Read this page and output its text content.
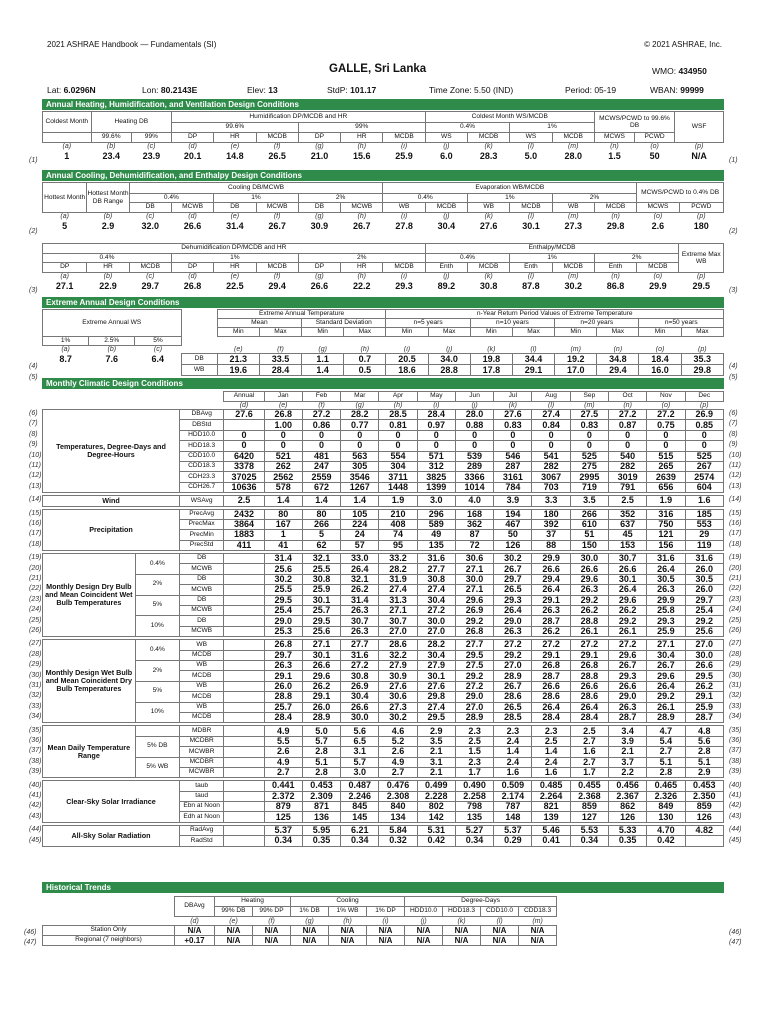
2021 ASHRAE Handbook — Fundamentals (SI)	© 2021 ASHRAE, Inc.
Lat: 6.0296N	Lon: 80.2143E	Elev: 13
GALLE, Sri Lanka
StdP: 101.17	Time Zone: 5.50 (IND)	Period: 05-19
WMO: 434950
WBAN: 99999
Annual Heating, Humidification, and Ventilation Design Conditions
Coldest Month	Heating DB		Humidification DP/MCDB and HR						Coldest Month WS/MCDB				MCWS/PCWD to 99.6% DB		WSF
			99.6%			99%			0.4%		1%				
	99.6%	99%	DP	HR	MCDB	DP	HR	MCDB	WS	MCDB	WS	MCDB	MCWS	PCWD	
(a)	(b)	(c)	(d)	(e)	(f)	(g)	(h)	(i)	(j)	(k)	(l)	(m)	(n)	(o)	(p)
1	23.4	23.9	20.1	14.8	26.5	21.0	15.6	25.9	6.0	28.3	5.0	28.0	1.5	50	N/A
(1)	(1)
Annual Cooling, Dehumidification, and Enthalpy Design Conditions
Hottest Month	Hottest Month DB Range	Cooling DB/MCWB						Evaporation WB/MCDB						MCWS/PCWD to 0.4% DB	
		0.4%		1%		2%		0.4%		1%		2%			
		DB	MCWB	DB	MCWB	DB	MCWB	WB	MCDB	WB	MCDB	WB	MCDB	MCWS	PCWD
(a)	(b)	(c)	(d)	(e)	(f)	(g)	(h)	(i)	(j)	(k)	(l)	(m)	(n)	(o)	(p)
5	2.9	32.0	26.6	31.4	26.7	30.9	26.7	27.8	30.4	27.6	30.1	27.3	29.8	2.6	180
(2)	(2)
Dehumidification DP/MCDB and HR									Enthalpy/MCDB						Extreme Max WB
0.4%			1%			2%			0.4%		1%		2%		
DP	HR	MCDB	DP	HR	MCDB	DP	HR	MCDB	Enth	MCDB	Enth	MCDB	Enth	MCDB	
(a)	(b)	(c)	(d)	(e)	(f)	(g)	(h)	(i)	(j)	(k)	(l)	(m)	(n)	(o)	(p)
27.1	22.9	29.7	26.8	22.5	29.4	26.6	22.2	29.3	89.2	30.8	87.8	30.2	86.8	29.9	29.5
(3)	(3)
Extreme Annual Design Conditions
Extreme Annual WS				Extreme Annual Temperature				n-Year Return Period Values of Extreme Temperature							
				Mean		Standard Deviation		n=5 years		n=10 years		n=20 years		n=50 years	
				Min	Max	Min	Max	Min	Max	Min	Max	Min	Max	Min	Max
1%	2.5%	5%													
(a)	(b)	(c)		(e)	(f)	(g)	(h)	(i)	(j)	(k)	(l)	(m)	(n)	(o)	(p)
8.7	7.6	6.4	DB	21.3	33.5	1.1	0.7	20.5	34.0	19.8	34.4	19.2	34.8	18.4	35.3
			WB	19.6	28.4	1.4	0.5	18.6	28.8	17.8	29.1	17.0	29.4	16.0	29.8
(4)	(4)
(5)	(5)
Monthly Climatic Design Conditions
			Annual	Jan	Feb	Mar	Apr	May	Jun	Jul	Aug	Sep	Oct	Nov	Dec
			(d)	(e)	(f)	(g)	(h)	(i)	(j)	(k)	(l)	(m)	(n)	(o)	(p)
Temperatures, Degree-Days and Degree-Hours		DBAvg	27.6	26.8	27.2	28.2	28.5	28.4	28.0	27.6	27.4	27.5	27.2	27.2	26.9
		DBStd		1.00	0.86	0.77	0.81	0.97	0.88	0.83	0.84	0.83	0.87	0.75	0.85
		HDD10.0	0	0	0	0	0	0	0	0	0	0	0	0	0
		HDD18.3	0	0	0	0	0	0	0	0	0	0	0	0	0
		CDD10.0	6420	521	481	563	554	571	539	546	541	525	540	515	525
		CDD18.3	3378	262	247	305	304	312	289	287	282	275	282	265	267
		CDH23.3	37025	2562	2559	3546	3711	3825	3366	3161	3067	2995	3019	2639	2574
		CDH26.7	10636	578	672	1267	1448	1399	1014	784	703	719	791	656	604

Wind		WSAvg	2.5	1.4	1.4	1.4	1.9	3.0	4.0	3.9	3.3	3.5	2.5	1.9	1.6

Precipitation		PrecAvg	2432	80	80	105	210	296	168	194	180	266	352	316	185
		PrecMax	3864	167	266	224	408	589	362	467	392	610	637	750	553
		PrecMin	1883	1	5	24	74	49	87	50	37	51	45	121	29
		PrecStd	411	41	62	57	95	135	72	126	88	150	153	156	119

Monthly Design Dry Bulb and Mean Coincident Wet Bulb Temperatures	0.4%	DB		31.4	32.1	33.0	33.2	31.6	30.6	30.2	29.9	30.0	30.7	31.6	31.6
		MCWB		25.6	25.5	26.4	28.2	27.7	27.1	26.7	26.6	26.6	26.6	26.4	26.0
	2%	DB		30.2	30.8	32.1	31.9	30.8	30.0	29.7	29.4	29.6	30.1	30.5	30.5
		MCWB		25.5	25.9	26.2	27.4	27.4	27.1	26.5	26.4	26.3	26.4	26.3	26.0
	5%	DB		29.5	30.1	31.4	31.3	30.4	29.6	29.3	29.1	29.2	29.6	29.9	29.7
		MCWB		25.4	25.7	26.3	27.1	27.2	26.9	26.4	26.3	26.2	26.2	25.8	25.4
	10%	DB		29.0	29.5	30.7	30.7	30.0	29.2	29.0	28.7	28.8	29.2	29.3	29.2
		MCWB		25.3	25.6	26.3	27.0	27.0	26.8	26.3	26.2	26.1	26.1	25.9	25.6

Monthly Design Wet Bulb and Mean Coincident Dry Bulb Temperatures	0.4%	WB		26.8	27.1	27.7	28.6	28.2	27.7	27.2	27.2	27.2	27.2	27.1	27.0
		MCDB		29.7	30.1	31.6	32.2	30.4	29.5	29.2	29.1	29.1	29.6	30.4	30.0
	2%	WB		26.3	26.6	27.2	27.9	27.9	27.5	27.0	26.8	26.8	26.7	26.7	26.6
		MCDB		29.1	29.6	30.8	30.9	30.1	29.2	28.9	28.7	28.8	29.3	29.6	29.5
	5%	WB		26.0	26.2	26.9	27.6	27.6	27.2	26.7	26.6	26.6	26.6	26.4	26.2
		MCDB		28.8	29.1	30.4	30.6	29.8	29.0	28.6	28.6	28.6	29.0	29.2	29.1
	10%	WB		25.7	26.0	26.6	27.3	27.4	27.0	26.5	26.4	26.4	26.3	26.1	25.9
		MCDB		28.4	28.9	30.0	30.2	29.5	28.9	28.5	28.4	28.4	28.7	28.9	28.7

Mean Daily Temperature Range		MDBR		4.9	5.0	5.6	4.6	2.9	2.3	2.3	2.3	2.5	3.4	4.7	4.8
	5% DB	MCDBR		5.5	5.7	6.5	5.2	3.5	2.5	2.4	2.5	2.7	3.9	5.4	5.6
		MCWBR		2.6	2.8	3.1	2.6	2.1	1.5	1.4	1.4	1.6	2.1	2.7	2.8
	5% WB	MCDBR		4.9	5.1	5.7	4.9	3.1	2.3	2.4	2.4	2.7	3.7	5.1	5.1
		MCWBR		2.7	2.8	3.0	2.7	2.1	1.7	1.6	1.6	1.7	2.2	2.8	2.9

Clear-Sky Solar Irradiance		taub		0.441	0.453	0.487	0.476	0.499	0.490	0.509	0.485	0.455	0.456	0.465	0.453
		taud		2.372	2.309	2.246	2.308	2.228	2.258	2.174	2.264	2.368	2.367	2.326	2.350
		Ebn at Noon		879	871	845	840	802	798	787	821	859	862	849	859
		Edh at Noon		125	136	145	134	142	135	148	139	127	126	130	126

All-Sky Solar Radiation		RadAvg		5.37	5.95	6.21	5.84	5.31	5.27	5.37	5.46	5.53	5.33	4.70	4.82
		RadStd		0.34	0.35	0.34	0.32	0.42	0.34	0.29	0.41	0.34	0.35	0.42	
(6)	(6)
(7)	(7)
(8)	(8)
(9)	(9)
(10)	(10)
(11)	(11)
(12)	(12)
(13)	(13)
(14)	(14)
(15)	(15)
(16)	(16)
(17)	(17)
(18)	(18)
(19)	(19)
(20)	(20)
(21)	(21)
(22)	(22)
(23)	(23)
(24)	(24)
(25)	(25)
(26)	(26)
(27)	(27)
(28)	(28)
(29)	(29)
(30)	(30)
(31)	(31)
(32)	(32)
(33)	(33)
(34)	(34)
(35)	(35)
(36)	(36)
(37)	(37)
(38)	(38)
(39)	(39)
(40)	(40)
(41)	(41)
(42)	(42)
(43)	(43)
(44)	(44)
(45)	(45)
Historical Trends
	DBAvg	Heating		Cooling			Degree-Days				
		99% DB	99% DP	1% DB	1% WB	1% DP	HDD10.0	HDD18.3	CDD10.0	CDD18.3	
	(d)	(e)	(f)	(g)	(h)	(i)	(j)	(k)	(l)	(m)	
Station Only	N/A	N/A	N/A	N/A	N/A	N/A	N/A	N/A	N/A	N/A	
Regional (7 neighbors)	+0.17	N/A	N/A	N/A	N/A	N/A	N/A	N/A	N/A	N/A	
(46)	(46)
(47)	(47)
